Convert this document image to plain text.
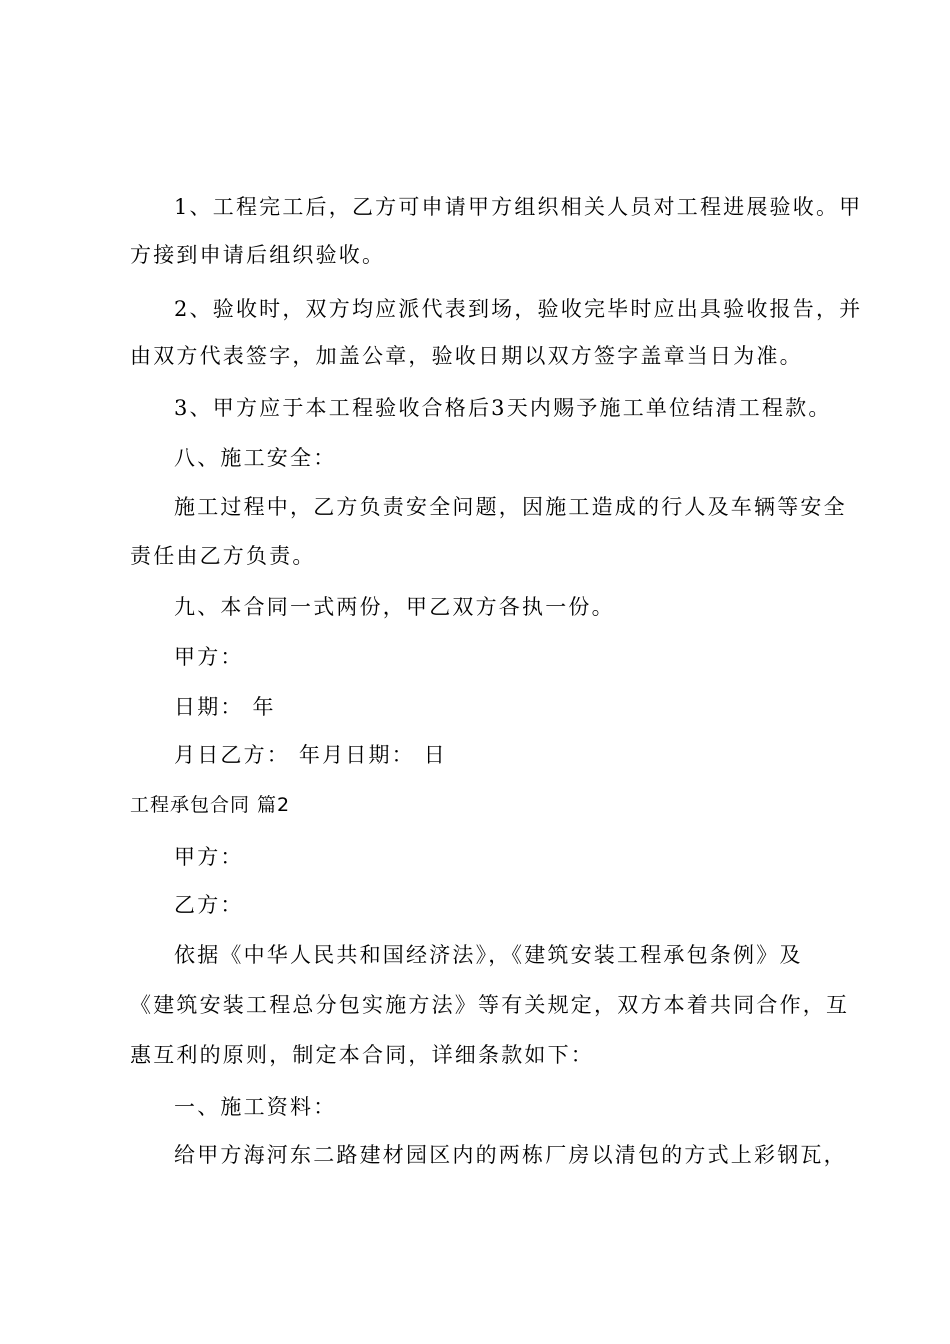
1、工程完工后，乙方可申请甲方组织相关人员对工程进展验收。甲
方接到申请后组织验收。
2、验收时，双方均应派代表到场，验收完毕时应出具验收报告，并
由双方代表签字，加盖公章，验收日期以双方签字盖章当日为准。
3、甲方应于本工程验收合格后3天内赐予施工单位结清工程款。
八、施工安全：
施工过程中，乙方负责安全问题，因施工造成的行人及车辆等安全
责任由乙方负责。
九、本合同一式两份，甲乙双方各执一份。
甲方：
日期： 年
月日乙方： 年月日期： 日
工程承包合同 篇2
甲方：
乙方：
依据《中华人民共和国经济法》，《建筑安装工程承包条例》及
《建筑安装工程总分包实施方法》等有关规定，双方本着共同合作，互
惠互利的原则，制定本合同，详细条款如下：
一、施工资料：
给甲方海河东二路建材园区内的两栋厂房以清包的方式上彩钢瓦，
